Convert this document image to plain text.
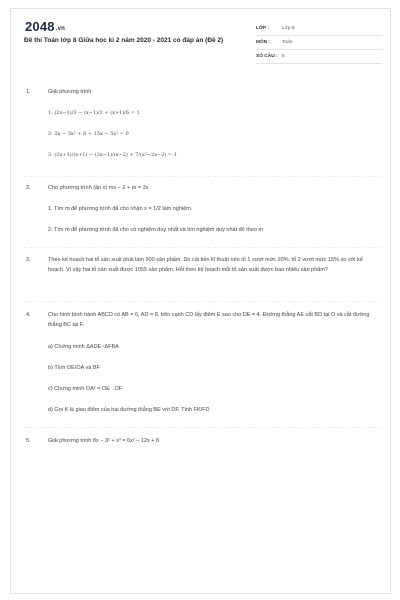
2048.vn
Đề thi Toán lớp 8 Giữa học kì 2 năm 2020 - 2021 có đáp án (Đề 2)
LỚP :	Lớp 8
MÔN :	Toán
SỐ CÂU : 5
1.	Giải phương trình
1. (2x−1)/3 − (x−1)/2 + (x+1)/6 = 1
2. 2x − 3x² + 8 + 15x − 5x² = 0
3. (2x+1)/(x+1) − (2x−1)/(x−2) + 7/(x²−2x−2) = 1
2.	Cho phương trình (ẩn x) mx − 2 + m = 3x
1. Tìm m để phương trình đã cho nhận x = 1/2 làm nghiệm.
2. Tìm m để phương trình đã cho có nghiệm duy nhất và tìm nghiệm duy nhất đó theo m
3.	Theo kế hoạch hai tổ sản xuất phải làm 900 sản phẩm. Do cải tiến kĩ thuật nên tổ 1 vượt mức 20%, tổ 2 vượt mức 15% so với kế hoạch. Vì vậy hai tổ sản xuất được 1055 sản phẩm. Hỏi theo kế hoạch mỗi tổ sản xuất được bao nhiêu sản phẩm?
4.	Cho hình bình hành ABCD có AB = 6, AD = 8, trên cạnh CD lấy điểm E sao cho DE = 4. Đường thẳng AE cắt BD tại O và cắt đường thẳng BC tại F.
a) Chứng minh ΔADE~ΔFBA
b) Tính OE/OA và BF
c) Chứng minh OA² = OE . OF
d) Gọi K là giao điểm của hai đường thẳng BE với DF. Tính FK/FD
5.	Giải phương trình 8x − 3² + x³ = 6x² − 12x + 8
